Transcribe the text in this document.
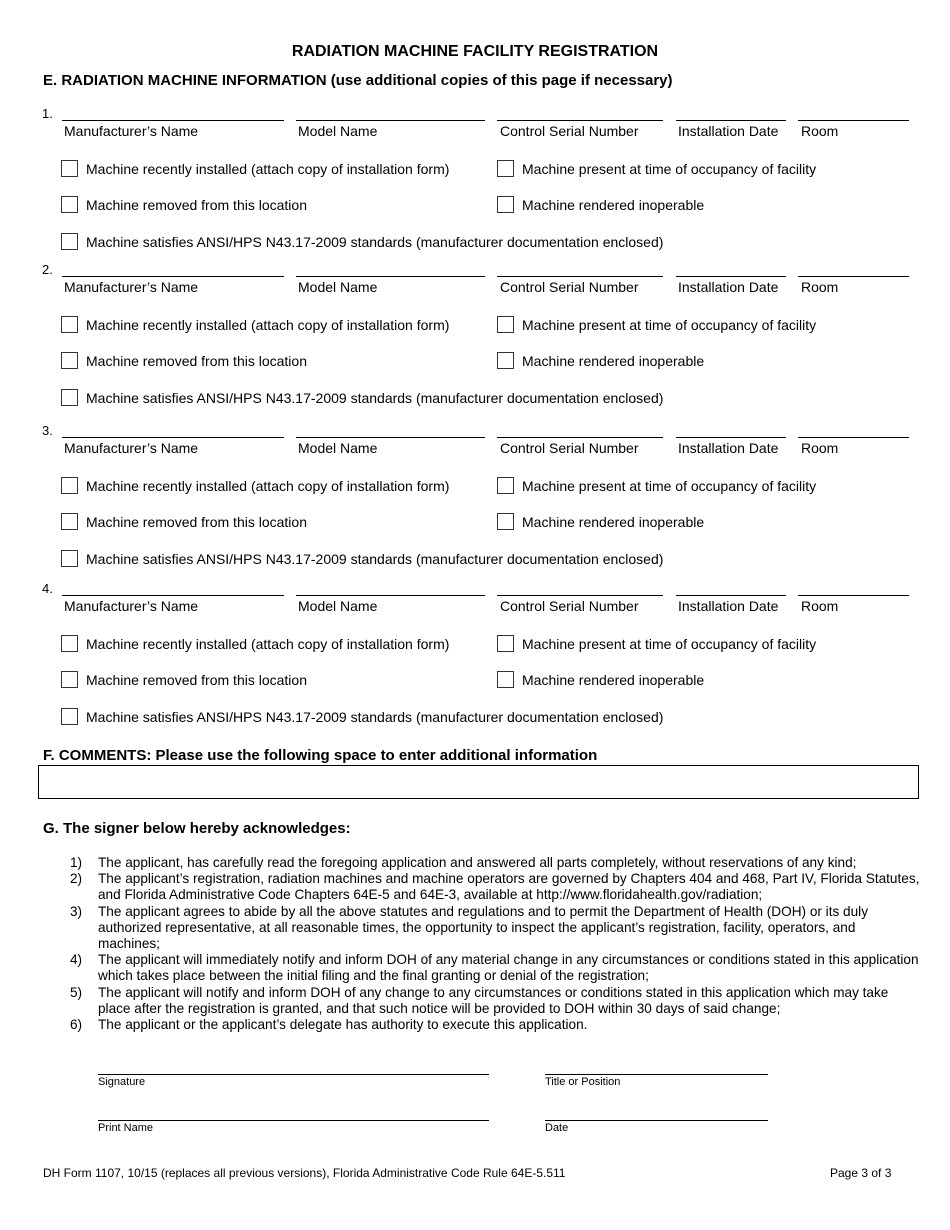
RADIATION MACHINE FACILITY REGISTRATION
E. RADIATION MACHINE INFORMATION (use additional copies of this page if necessary)
1.
Manufacturer’s Name	Model Name	Control Serial Number	Installation Date Room
Machine recently installed (attach copy of installation form)	Machine present at time of occupancy of facility
Machine removed from this location	Machine rendered inoperable
Machine satisfies ANSI/HPS N43.17-2009 standards (manufacturer documentation enclosed)
2.
Manufacturer’s Name	Model Name	Control Serial Number	Installation Date Room
Machine recently installed (attach copy of installation form)	Machine present at time of occupancy of facility
Machine removed from this location	Machine rendered inoperable
Machine satisfies ANSI/HPS N43.17-2009 standards (manufacturer documentation enclosed)
3.
Manufacturer’s Name	Model Name	Control Serial Number	Installation Date Room
Machine recently installed (attach copy of installation form)	Machine present at time of occupancy of facility
Machine removed from this location	Machine rendered inoperable
Machine satisfies ANSI/HPS N43.17-2009 standards (manufacturer documentation enclosed)
4.
Manufacturer’s Name	Model Name	Control Serial Number	Installation Date Room
Machine recently installed (attach copy of installation form)	Machine present at time of occupancy of facility
Machine removed from this location	Machine rendered inoperable
Machine satisfies ANSI/HPS N43.17-2009 standards (manufacturer documentation enclosed)
F. COMMENTS: Please use the following space to enter additional information
G. The signer below hereby acknowledges:
1)	The applicant, has carefully read the foregoing application and answered all parts completely, without reservations of any kind;
2)	The applicant’s registration, radiation machines and machine operators are governed by Chapters 404 and 468, Part IV, Florida Statutes, and Florida Administrative Code Chapters 64E-5 and 64E-3, available at http://www.floridahealth.gov/radiation;
3)	The applicant agrees to abide by all the above statutes and regulations and to permit the Department of Health (DOH) or its duly authorized representative, at all reasonable times, the opportunity to inspect the applicant’s registration, facility, operators, and machines;
4)	The applicant will immediately notify and inform DOH of any material change in any circumstances or conditions stated in this application which takes place between the initial filing and the final granting or denial of the registration;
5)	The applicant will notify and inform DOH of any change to any circumstances or conditions stated in this application which may take place after the registration is granted, and that such notice will be provided to DOH within 30 days of said change;
6)	The applicant or the applicant’s delegate has authority to execute this application.
Signature	Title or Position
Print Name	Date
DH Form 1107, 10/15 (replaces all previous versions), Florida Administrative Code Rule 64E-5.511	Page 3 of 3
